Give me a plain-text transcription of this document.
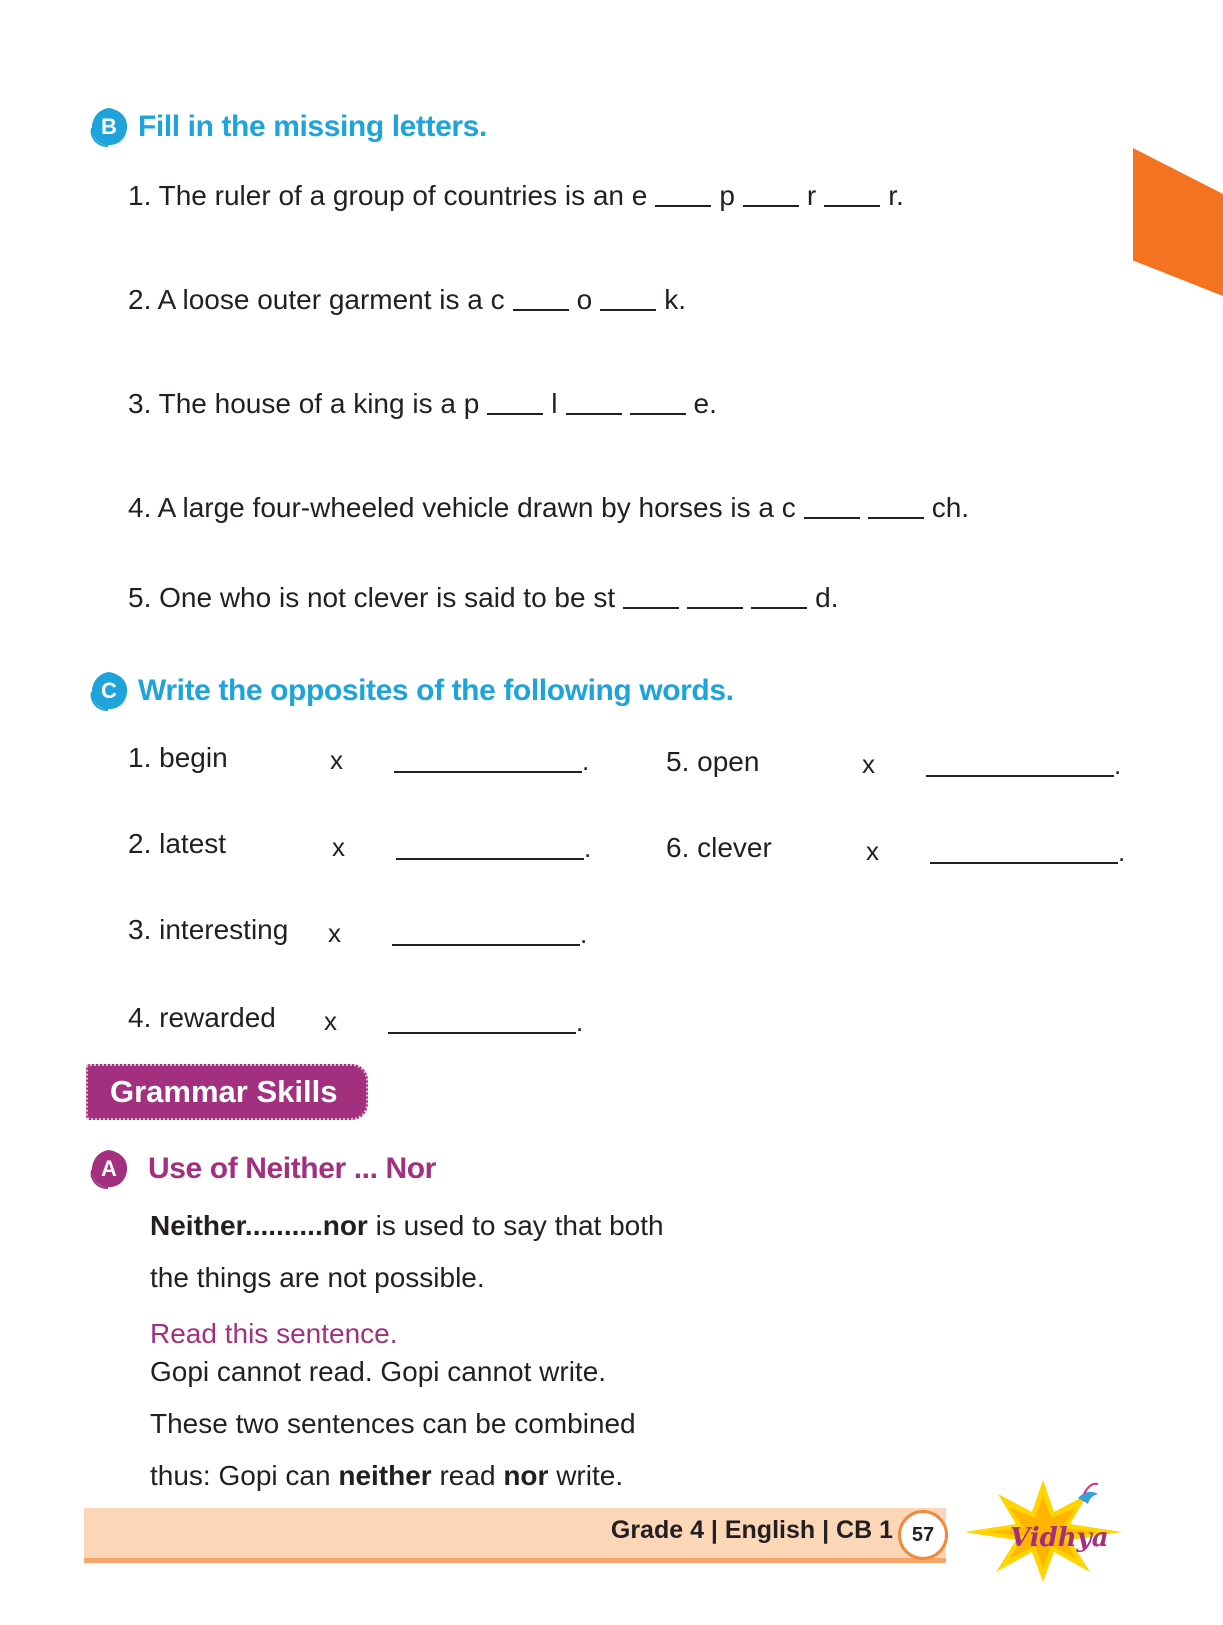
B Fill in the missing letters.
1. The ruler of a group of countries is an e	p	r	r.
2. A loose outer garment is a c	o	k.
3. The house of a king is a p	l	e.
4. A large four-wheeled vehicle drawn by horses is a c	ch.
5. One who is not clever is said to be st	d.
C Write the opposites of the following words.
1. begin	x	.
2. latest	x	.
3. interesting x	.
4. rewarded x	.
5. open	x	.
6. clever	x	.
Grammar Skills
A	Use of Neither ... Nor
Neither..........nor is used to say that both
the things are not possible.
Read this sentence.
Gopi cannot read. Gopi cannot write.
These two sentences can be combined
thus: Gopi can neither read nor write.
Grade 4 | English | CB 1 57	Vidhya
